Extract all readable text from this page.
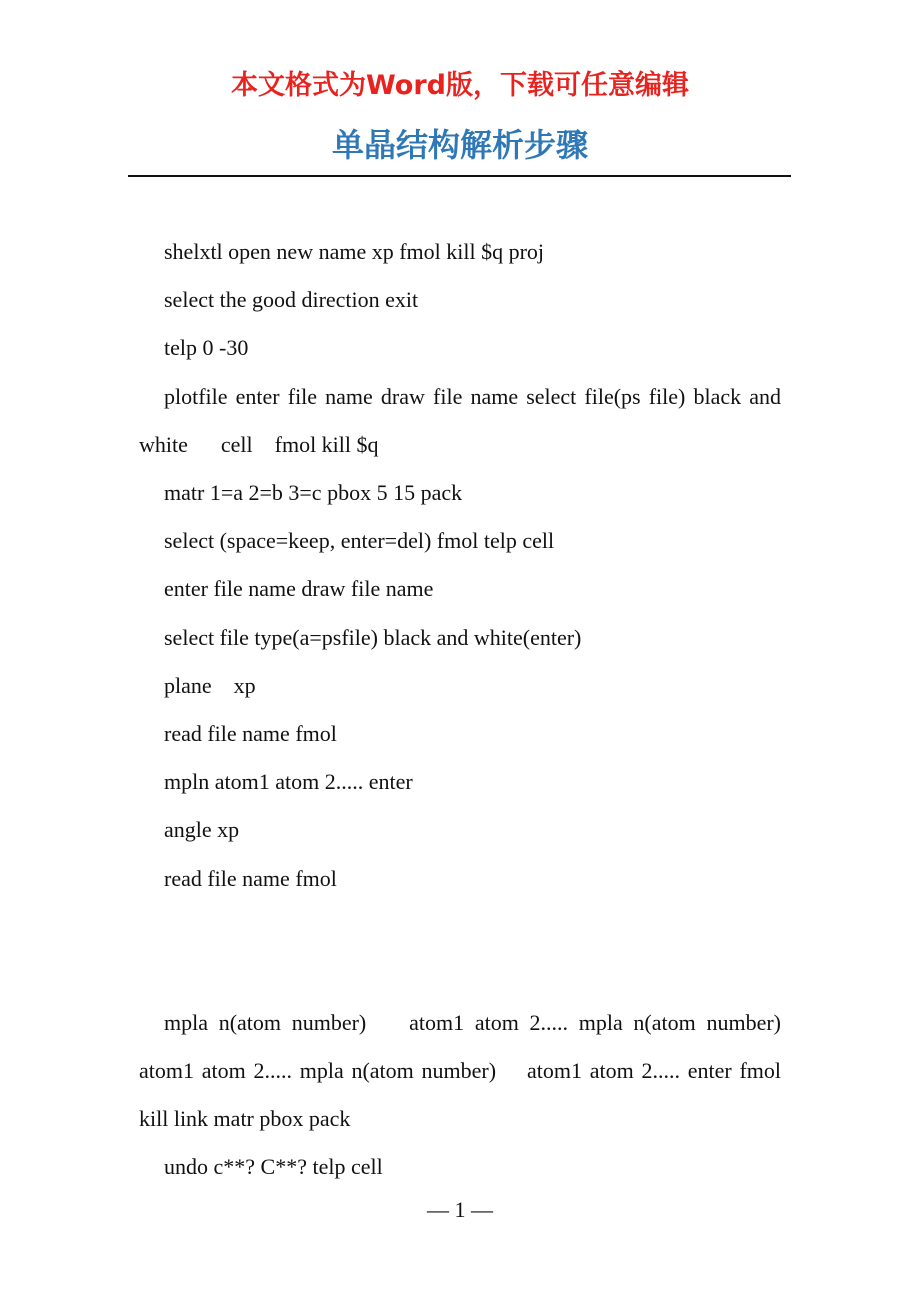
本文格式为Word版，下载可任意编辑
单晶结构解析步骤

shelxtl open new name xp fmol kill $q proj

select the good direction exit

telp 0 -30

plotfile enter file name draw file name select file(ps file) black and white      cell    fmol kill $q

matr 1=a 2=b 3=c pbox 5 15 pack

select (space=keep, enter=del) fmol telp cell

enter file name draw file name

select file type(a=psfile) black and white(enter)

plane    xp

read file name fmol

mpln atom1 atom 2..... enter

angle xp

read file name fmol

mpla n(atom number)    atom1 atom 2..... mpla n(atom number) atom1 atom 2..... mpla n(atom number)    atom1 atom 2..... enter fmol kill link matr pbox pack

undo c**? C**? telp cell

— 1 —
